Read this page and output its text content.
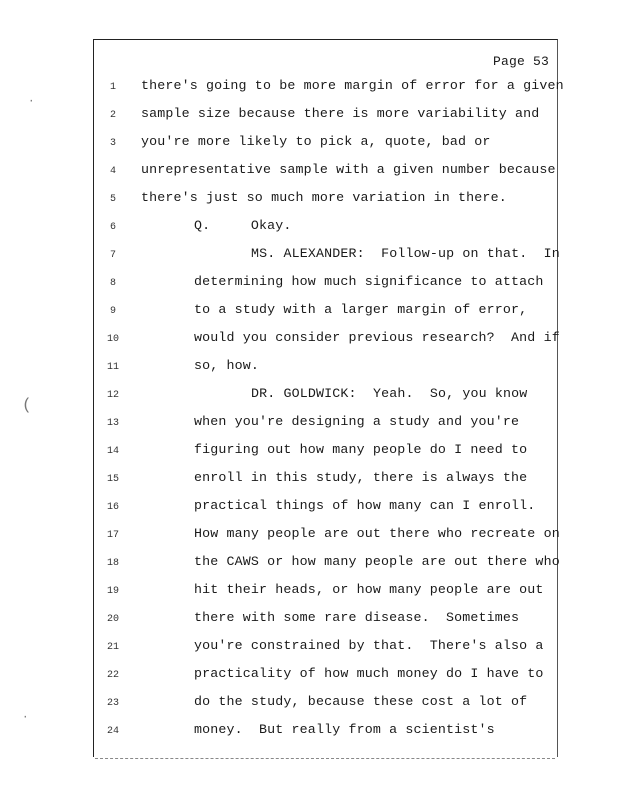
Page 53
1	there's going to be more margin of error for a given
2	sample size because there is more variability and
3	you're more likely to pick a, quote, bad or
4	unrepresentative sample with a given number because
5	there's just so much more variation in there.
6	Q.     Okay.
7	MS. ALEXANDER:  Follow-up on that.  In
8	determining how much significance to attach
9	to a study with a larger margin of error,
10	would you consider previous research?  And if
11	so, how.
12	DR. GOLDWICK:  Yeah.  So, you know
13	when you're designing a study and you're
14	figuring out how many people do I need to
15	enroll in this study, there is always the
16	practical things of how many can I enroll.
17	How many people are out there who recreate on
18	the CAWS or how many people are out there who
19	hit their heads, or how many people are out
20	there with some rare disease.  Sometimes
21	you're constrained by that.  There's also a
22	practicality of how much money do I have to
23	do the study, because these cost a lot of
24	money.  But really from a scientist's
·
(
·
